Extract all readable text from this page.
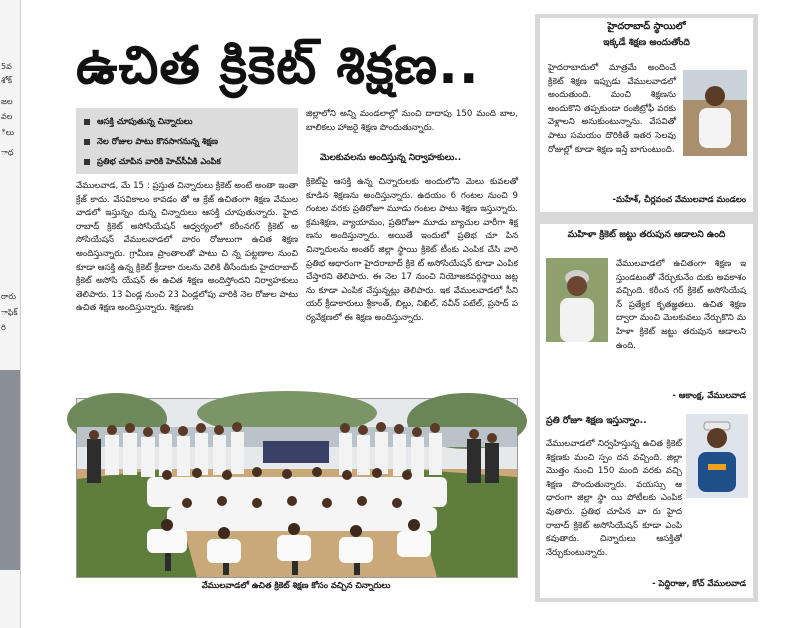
5వ
శోక్
జల
వల
ిలు
ాధ
రారు
ాఫిక్
రి
ఉచిత క్రికెట్ శిక్షణ..
ఆసక్తి చూపుతున్న చిన్నారులు
నెల రోజుల పాటు కొనసాగనున్న శిక్షణ
ప్రతిభ చూపిన వారికి హెచ్‌సీఏకి ఎంపిక
వేములవాడ, మే 15 : ప్రస్తుత చిన్నారులు క్రికెట్ అంటే అంతా ఇంతా క్రేజ్ కాదు. వేసవికాలం కావడం తో ఆ క్రేజ్ ఉచితంగా శిక్షణ వేములవాడలో ఇస్తున్నం దున్న చిన్నారులు ఆసక్తి చూపుతున్నారు. హైదరాబాద్ క్రికెట్ అసోసియేషన్ ఆధ్వర్యంలో కరీంనగర్ క్రికెట్ అ సోసియేషన్ వేములవాడలో వారం రోజులుగా ఉచిత శిక్షణ అందిస్తున్నారు. గ్రామీణ ప్రాంతాలతో పాటు చి న్న పట్టణాల నుంచి కూడా ఆసక్తి ఉన్న క్రికెట్ క్రీడాకా రులను వెలికి తీసేందుకు హైదరాబాద్ క్రికెట్ అసోసి యేషన్ ఈ ఉచిత శిక్షణ అందిస్తోందని నిర్వాహకులు తెలిపారు. 13 ఏండ్ల నుంచి 23 ఏండ్లలోపు వారికి నెల రోజుల పాటు ఉచిత శిక్షణ అందిస్తున్నారు. శిక్షణకు
జిల్లాలోని అన్ని మండలాల్లో నుంచి దాదాపు 150 మంది బాల, బాలికలు హాజరై శిక్షణ పొందుతున్నారు.
మెలకువలను అందిస్తున్న నిర్వాహకులు..
క్రికెట్‌పై ఆసక్తి ఉన్న చిన్నారులకు అందులోని మెలు కువలతో కూడిన శిక్షణను అందిస్తున్నారు. ఉదయం 6 గంటల నుంచి 9 గంటల వరకు ప్రతిరోజూ మూడు గంటల పాటు శిక్షణ ఇస్తున్నారు. క్రమశిక్షణ, వ్యాయామం, ప్రతిరోజూ మూడు బ్యాచుల వారీగా శిక్ష ణను అందిస్తున్నారు. అయితే ఇందులో ప్రతిభ చూ పిన చిన్నారులను అంతర్ జిల్లా స్థాయి క్రికెట్ టీంకు ఎంపిక చేసి వారి ప్రతిభ ఆధారంగా హైదరాబాద్ క్రికె ట్ అసోసియేషన్ కూడా ఎంపిక చేస్తారని తెలిపారు. ఈ నెల 17 నుంచి నియోజకవర్గస్థాయి జట్లను కూడా ఎంపిక చేస్తున్నట్లు తెలిపారు. ఇక వేములవాడలో సీని యర్ క్రీడాకారులు శ్రీకాంత్, బిల్లు, నిఖిల్, నవీన్ పటేల్, ప్రసాద్ పర్యవేక్షణలో ఈ శిక్షణ అందిస్తున్నారు.
వేములవాడలో ఉచిత క్రికెట్ శిక్షణ కోసం వచ్చిన చిన్నారులు
హైదరాబాద్ స్థాయిలో
ఇక్కడే శిక్షణ అందుతోంది
హైదరాబాదులో మాత్రమే అందించే క్రికెట్ శిక్షణ ఇప్పుడు వేములవాడలో అందుతుంది. మంచి శిక్షణను అందుకొని తప్పకుండా రంజీట్రోఫీ వరకు వెళ్లాలని అనుకుంటున్నాను. వేసవితో పాటు సమయం దొరికితే ఇతర సెలవు రోజుల్లో కూడా శిక్షణ ఇస్తే బాగుంటుంది.
-మహేశ్, చీర్లవంచ వేములవాడ మండలం
మహిళా క్రికెట్ జట్టు తరుపున ఆడాలని ఉంది
వేములవాడలో ఉచితంగా శిక్షణ ఇస్తుండటంతో నేర్చుకునేం దుకు అవకాశం వచ్చింది. కరీంన గర్ క్రికెట్ అసోసియేషన్ ప్రత్యేక కృతజ్ఞతలు. ఉచిత శిక్షణ ద్వారా మంచి మెలకువలు నేర్చుకొని మహిళా క్రికెట్ జట్టు తరుపున ఆడాలని ఉంది.
- ఆకాంక్ష, వేములవాడ
ప్రతి రోజూ శిక్షణ ఇస్తున్నాం..
వేములవాడలో నిర్వహిస్తున్న ఉచిత క్రికెట్ శిక్షణకు మంచి స్పం దన వచ్చింది. జిల్లా మొత్తం నుంచి 150 మంది వరకు వచ్చి శిక్షణ పొందుతున్నారు. వయస్సు ఆధారంగా జిల్లా స్థా యి పోటీలకు ఎంపికవుతారు. ప్రతిభ చూపిన వా రు హైదరాబాద్ క్రికెట్ అసోసియేషన్ కూడా ఎంపి కవుతారు. చిన్నారులు ఆసక్తితో నేర్చుకుంటున్నారు.
- పెద్దిరాజు, కోచ్ వేములవాడ
